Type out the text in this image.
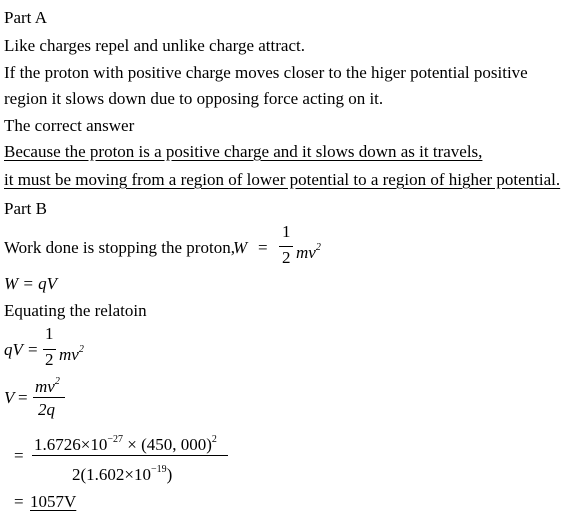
Part A
Like charges repel and unlike charge attract.
If the proton with positive charge moves closer to the higer potential positive
region it slows down due to opposing force acting on it.
The correct answer
Because the proton is a positive charge and it slows down as it travels,
it must be moving from a region of lower potential to a region of higher potential.
Part B
Work done is stopping the proton,
W =
1
2 $mv^2$
W = qV
Equating the relatoin
qV =
1
2 $mv^2$
V =
$mv^2$
2q
=
$1.6726\times 10^{-27} \times (450$, 000)$^2$
$2(1.602\times 10^{-19})$
= 1057V
